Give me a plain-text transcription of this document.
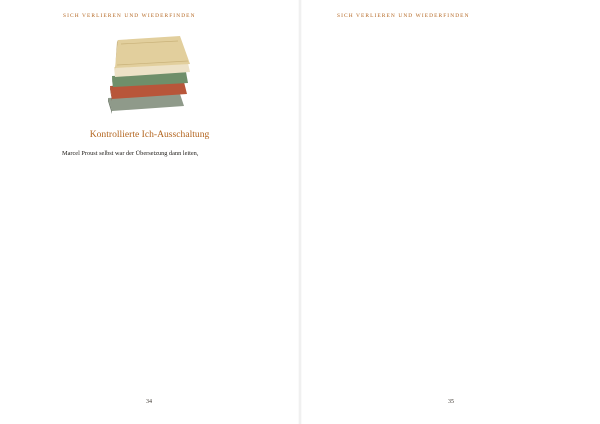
SICH VERLIEREN UND WIEDERFINDEN

Kontrollierte Ich-Ausschaltung

Marcel Proust selbst war der Übersetzung dann leiten,

34

SICH VERLIEREN UND WIEDERFINDEN

35
